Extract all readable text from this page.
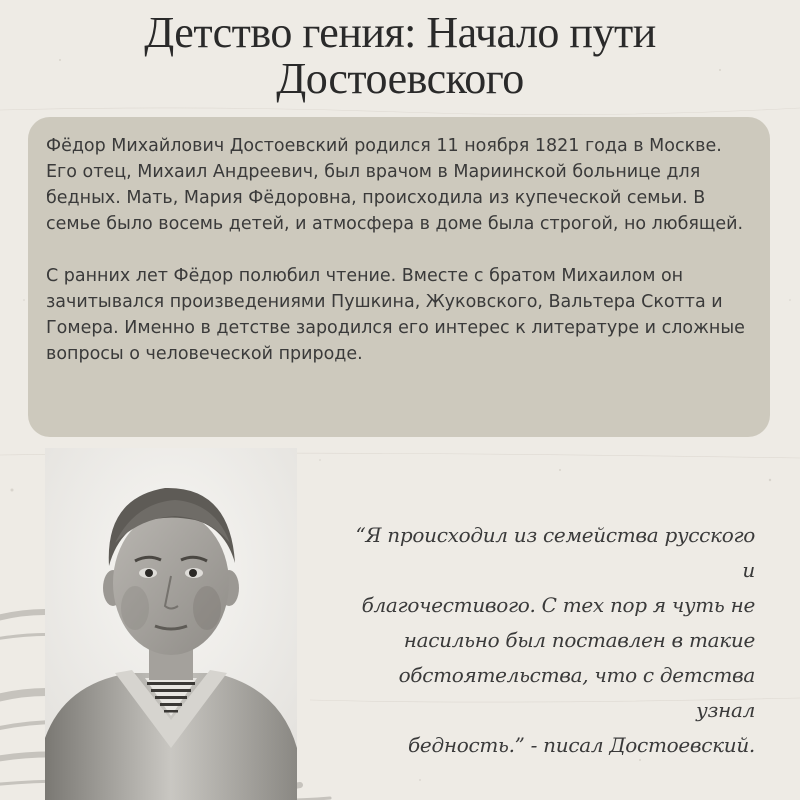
Детство гения: Начало пути
Достоевского

Фёдор Михайлович Достоевский родился 11 ноября 1821 года в Москве. Его отец, Михаил Андреевич, был врачом в Мариинской больнице для бедных. Мать, Мария Фёдоровна, происходила из купеческой семьи. В семье было восемь детей, и атмосфера в доме была строгой, но любящей.

С ранних лет Фёдор полюбил чтение. Вместе с братом Михаилом он зачитывался произведениями Пушкина, Жуковского, Вальтера Скотта и Гомера. Именно в детстве зародился его интерес к литературе и сложные вопросы о человеческой природе.

“Я происходил из семейства русского и
благочестивого. С тех пор я чуть не
насильно был поставлен в такие
обстоятельства, что с детства узнал
бедность.” - писал Достоевский.
